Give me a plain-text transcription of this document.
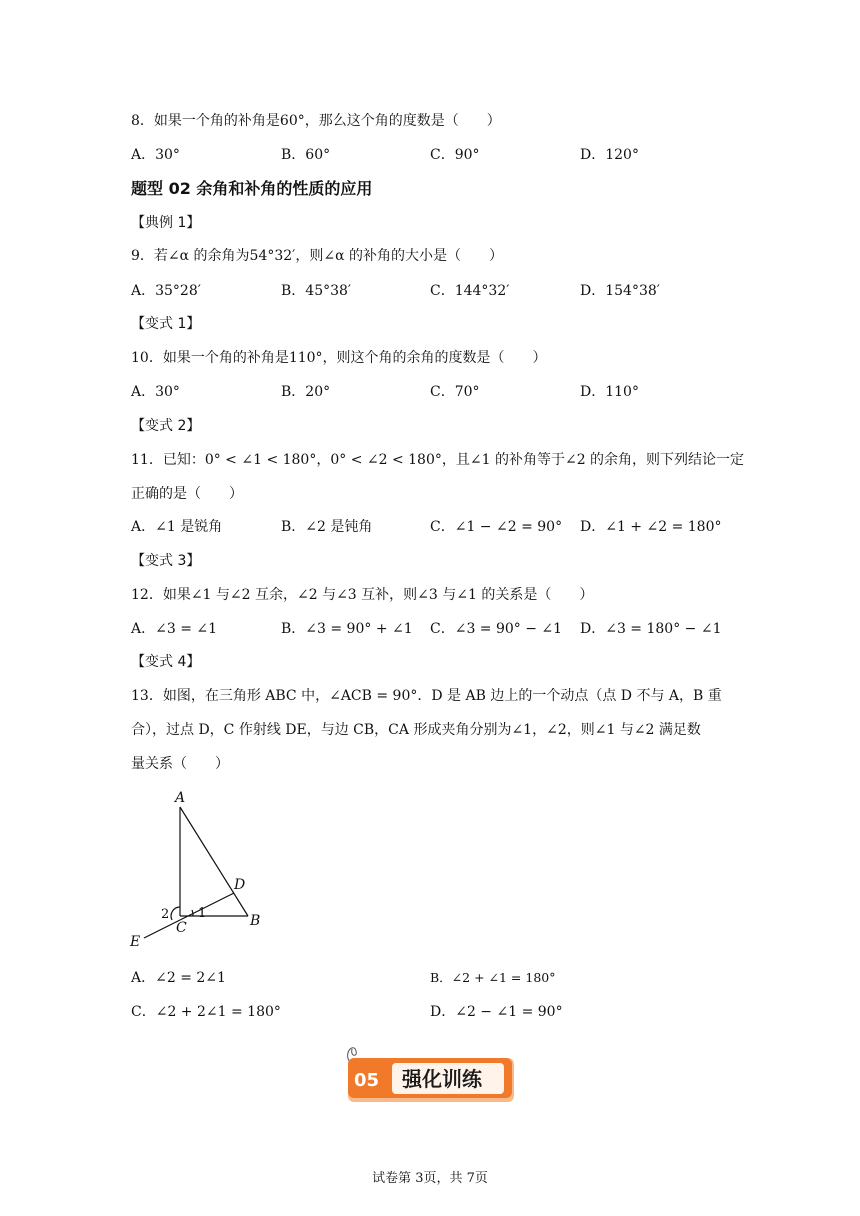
8．如果一个角的补角是60°，那么这个角的度数是（　　）
A．30°	B．60°	C．90°	D．120°
题型 02 余角和补角的性质的应用
【典例 1】
9．若∠α 的余角为54°32′，则∠α 的补角的大小是（　　）
A．35°28′	B．45°38′	C．144°32′	D．154°38′
【变式 1】
10．如果一个角的补角是110°，则这个角的余角的度数是（　　）
A．30°	B．20°	C．70°	D．110°
【变式 2】
11．已知：0° < ∠1 < 180°，0° < ∠2 < 180°，且∠1 的补角等于∠2 的余角，则下列结论一定
正确的是（　　）
A．∠1 是锐角	B．∠2 是钝角	C．∠1 − ∠2 = 90° D．∠1 + ∠2 = 180°
【变式 3】
12．如果∠1 与∠2 互余，∠2 与∠3 互补，则∠3 与∠1 的关系是（　　）
A．∠3 = ∠1	B．∠3 = 90° + ∠1 C．∠3 = 90° − ∠1 D．∠3 = 180° − ∠1
【变式 4】
13．如图，在三角形 ABC 中，∠ACB = 90°．D 是 AB 边上的一个动点（点 D 不与 A，B 重
合），过点 D，C 作射线 DE，与边 CB，CA 形成夹角分别为∠1，∠2，则∠1 与∠2 满足数
量关系（　　）
A
B
C
D
E
1
2
A．∠2 = 2∠1	B．∠2 + ∠1 = 180°
C．∠2 + 2∠1 = 180°	D．∠2 − ∠1 = 90°
05 强化训练
试卷第 3页，共 7页
